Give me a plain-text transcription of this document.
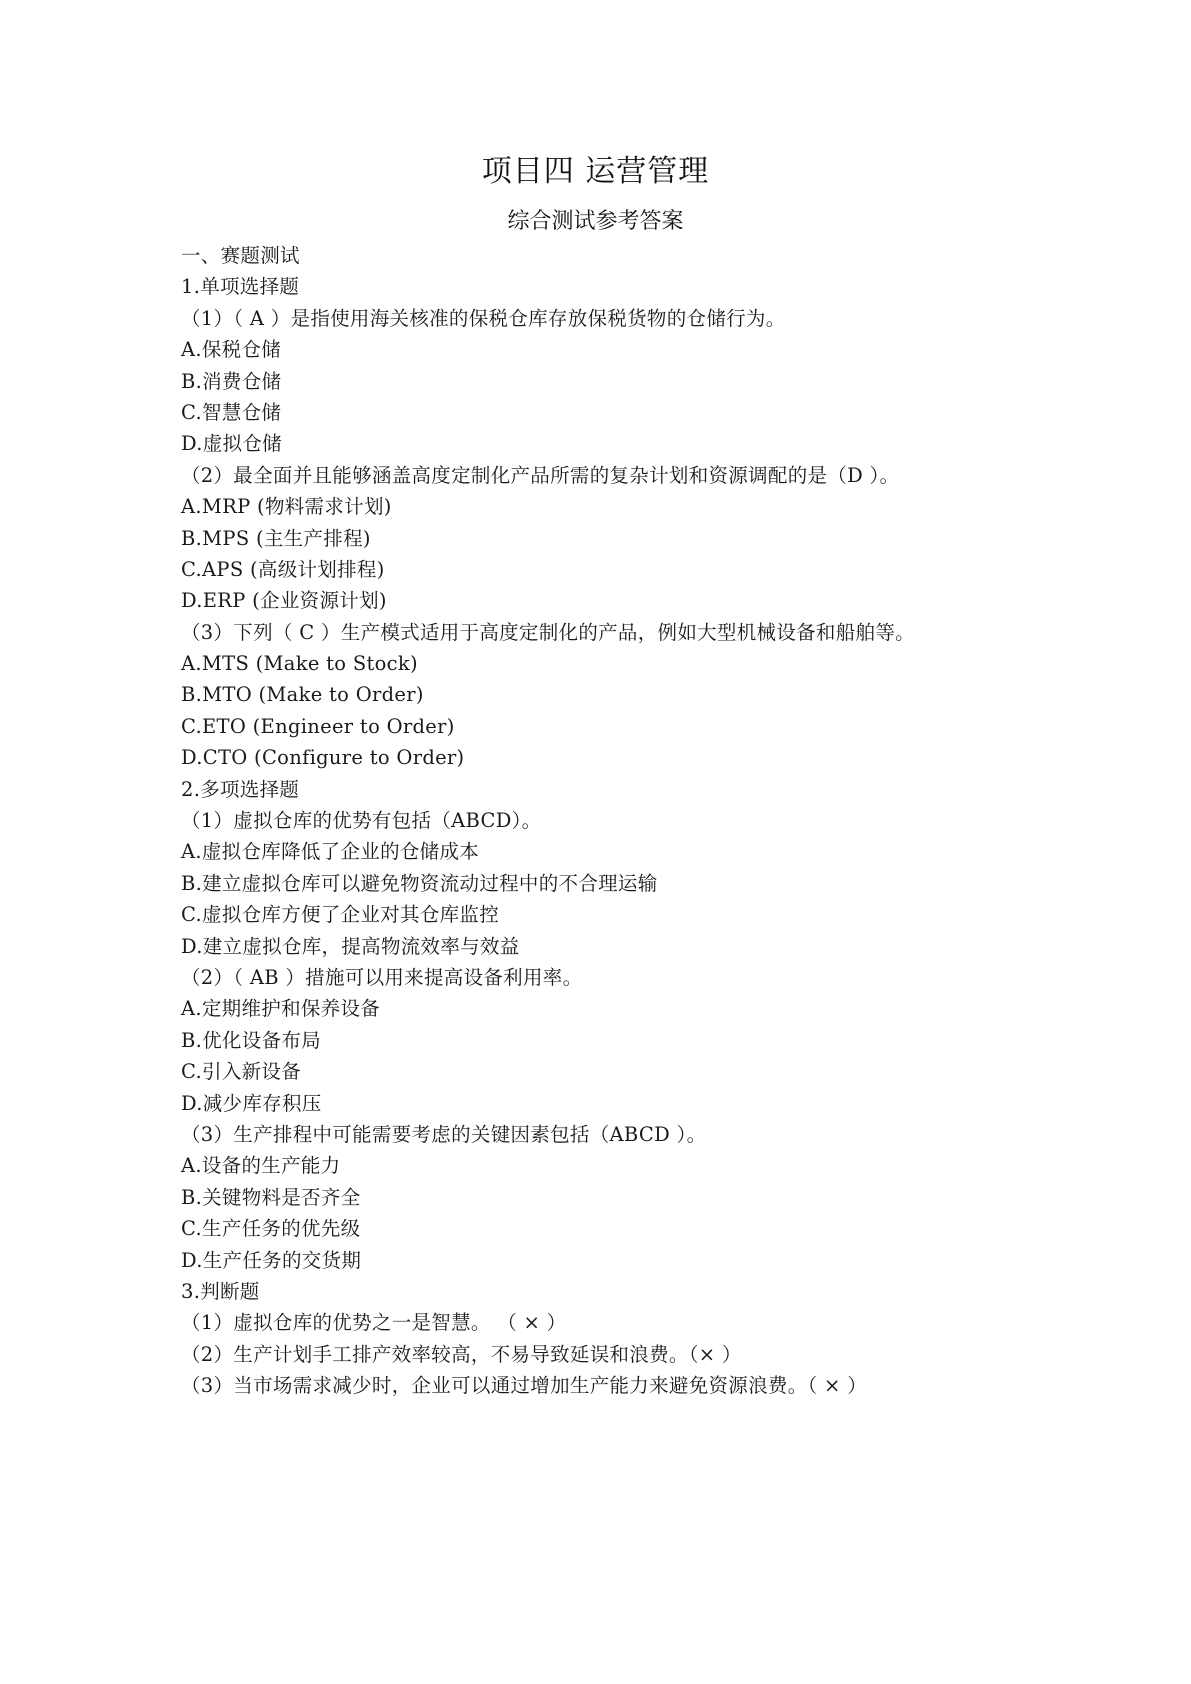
项目四 运营管理
综合测试参考答案
一、赛题测试
1.单项选择题
（1）（ A ）是指使用海关核准的保税仓库存放保税货物的仓储行为。
A.保税仓储
B.消费仓储
C.智慧仓储
D.虚拟仓储
（2）最全面并且能够涵盖高度定制化产品所需的复杂计划和资源调配的是（D ）。
A.MRP (物料需求计划)
B.MPS (主生产排程)
C.APS (高级计划排程)
D.ERP (企业资源计划)
（3）下列（ C ）生产模式适用于高度定制化的产品，例如大型机械设备和船舶等。
A.MTS (Make to Stock)
B.MTO (Make to Order)
C.ETO (Engineer to Order)
D.CTO (Configure to Order)
2.多项选择题
（1）虚拟仓库的优势有包括（ABCD）。
A.虚拟仓库降低了企业的仓储成本
B.建立虚拟仓库可以避免物资流动过程中的不合理运输
C.虚拟仓库方便了企业对其仓库监控
D.建立虚拟仓库，提高物流效率与效益
（2）（ AB ）措施可以用来提高设备利用率。
A.定期维护和保养设备
B.优化设备布局
C.引入新设备
D.减少库存积压
（3）生产排程中可能需要考虑的关键因素包括（ABCD ）。
A.设备的生产能力
B.关键物料是否齐全
C.生产任务的优先级
D.生产任务的交货期
3.判断题
（1）虚拟仓库的优势之一是智慧。 （ × ）
（2）生产计划手工排产效率较高，不易导致延误和浪费。（× ）
（3）当市场需求减少时，企业可以通过增加生产能力来避免资源浪费。（ × ）
